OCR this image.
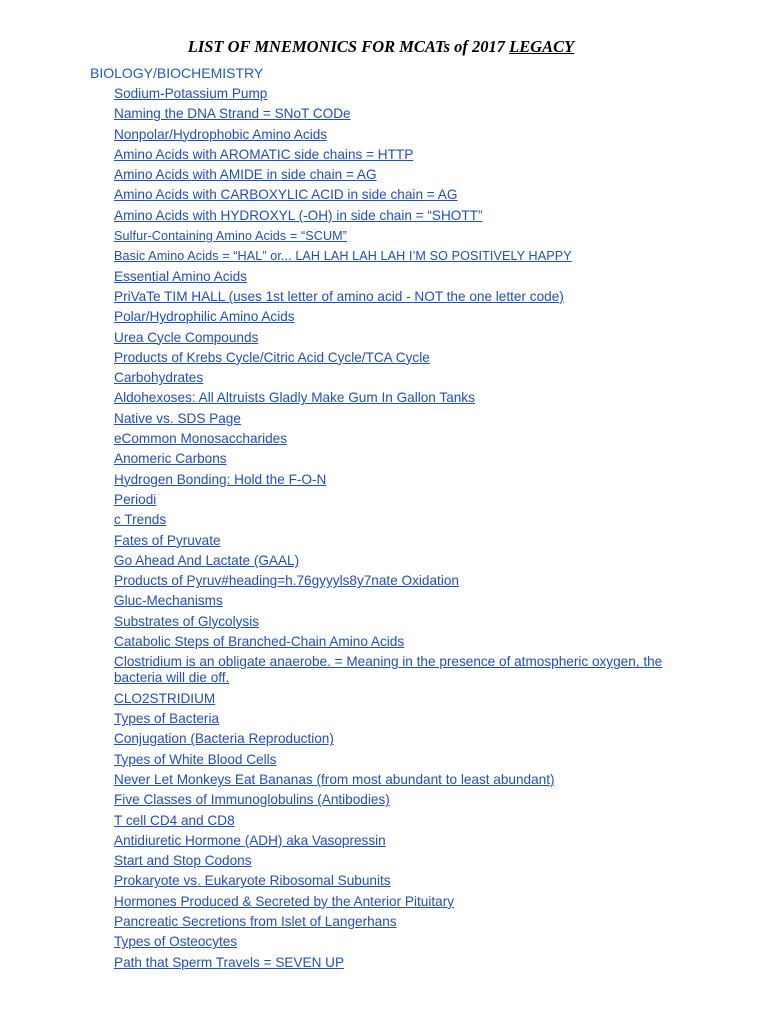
LIST OF MNEMONICS FOR MCATs of 2017 LEGACY
BIOLOGY/BIOCHEMISTRY
Sodium-Potassium Pump
Naming the DNA Strand = SNoT CODe
Nonpolar/Hydrophobic Amino Acids
Amino Acids with AROMATIC side chains = HTTP
Amino Acids with AMIDE in side chain = AG
Amino Acids with CARBOXYLIC ACID in side chain = AG
Amino Acids with HYDROXYL (-OH) in side chain = “SHOTT”
Sulfur-Containing Amino Acids = “SCUM”
Basic Amino Acids = “HAL” or... LAH LAH LAH LAH I’M SO POSITIVELY HAPPY
Essential Amino Acids
PriVaTe TIM HALL (uses 1st letter of amino acid - NOT the one letter code)
Polar/Hydrophilic Amino Acids
Urea Cycle Compounds
Products of Krebs Cycle/Citric Acid Cycle/TCA Cycle
Carbohydrates
Aldohexoses: All Altruists Gladly Make Gum In Gallon Tanks
Native vs. SDS Page
eCommon Monosaccharides
Anomeric Carbons
Hydrogen Bonding: Hold the F-O-N
Periodi
c Trends
Fates of Pyruvate
Go Ahead And Lactate (GAAL)
Products of Pyruv#heading=h.76gyyyls8y7nate Oxidation
Gluc-Mechanisms
Substrates of Glycolysis
Catabolic Steps of Branched-Chain Amino Acids
Clostridium is an obligate anaerobe. = Meaning in the presence of atmospheric oxygen, the bacteria will die off.
CLO2STRIDIUM
Types of Bacteria
Conjugation (Bacteria Reproduction)
Types of White Blood Cells
Never Let Monkeys Eat Bananas (from most abundant to least abundant)
Five Classes of Immunoglobulins (Antibodies)
T cell CD4 and CD8
Antidiuretic Hormone (ADH) aka Vasopressin
Start and Stop Codons
Prokaryote vs. Eukaryote Ribosomal Subunits
Hormones Produced & Secreted by the Anterior Pituitary
Pancreatic Secretions from Islet of Langerhans
Types of Osteocytes
Path that Sperm Travels = SEVEN UP
